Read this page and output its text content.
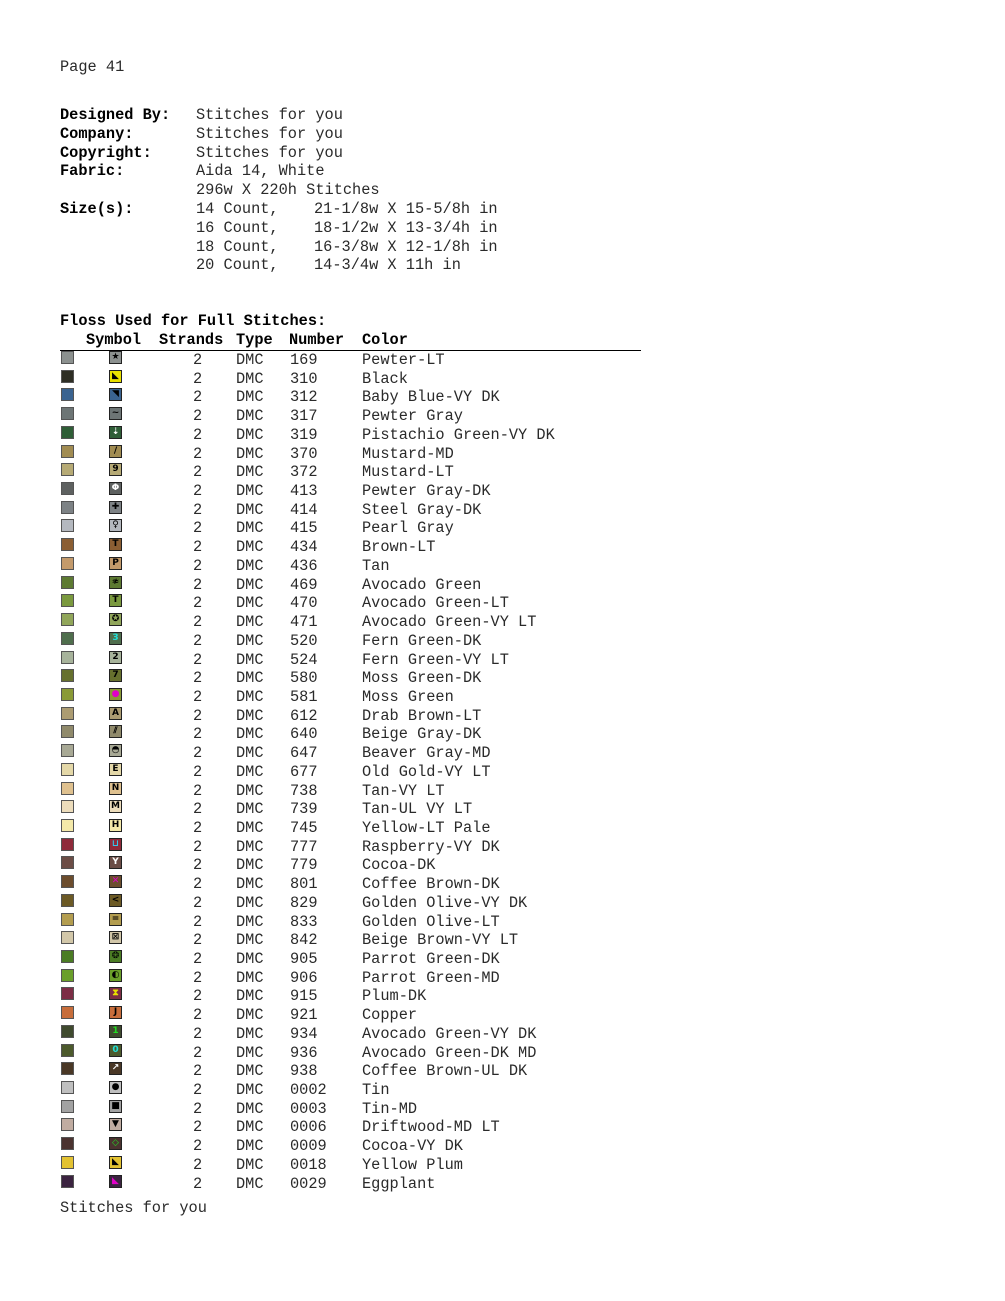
Page 41
Designed By:	Stitches for you
Company:	Stitches for you
Copyright:	Stitches for you
Fabric:	Aida 14, White
296w X 220h Stitches
Size(s):	14 Count,	21-1/8w X 15-5/8h in
16 Count,	18-1/2w X 13-3/4h in
18 Count,	16-3/8w X 12-1/8h in
20 Count,	14-3/4w X 11h in
Floss Used for Full Stitches:
Symbol Strands Type Number Color
★	2 DMC 169	Pewter-LT
◣	2 DMC 310	Black
◥	2 DMC 312	Baby Blue-VY DK
~	2 DMC 317	Pewter Gray
⇣	2 DMC 319	Pistachio Green-VY DK
/	2 DMC 370	Mustard-MD
9	2 DMC 372	Mustard-LT
Φ	2 DMC 413	Pewter Gray-DK
✚	2 DMC 414	Steel Gray-DK
♀	2 DMC 415	Pearl Gray
T	2 DMC 434	Brown-LT
P	2 DMC 436	Tan
≉	2 DMC 469	Avocado Green
T	2 DMC 470	Avocado Green-LT
✪	2 DMC 471	Avocado Green-VY LT
3	2 DMC 520	Fern Green-DK
2	2 DMC 524	Fern Green-VY LT
7	2 DMC 580	Moss Green-DK
●	2 DMC 581	Moss Green
A	2 DMC 612	Drab Brown-LT
⫽	2 DMC 640	Beige Gray-DK
◓	2 DMC 647	Beaver Gray-MD
E	2 DMC 677	Old Gold-VY LT
N	2 DMC 738	Tan-VY LT
M	2 DMC 739	Tan-UL VY LT
H	2 DMC 745	Yellow-LT Pale
⊔	2 DMC 777	Raspberry-VY DK
Y	2 DMC 779	Cocoa-DK
✕	2 DMC 801	Coffee Brown-DK
<	2 DMC 829	Golden Olive-VY DK
=	2 DMC 833	Golden Olive-LT
⊠	2 DMC 842	Beige Brown-VY LT
❂	2 DMC 905	Parrot Green-DK
◐	2 DMC 906	Parrot Green-MD
⧗	2 DMC 915	Plum-DK
J	2 DMC 921	Copper
1	2 DMC 934	Avocado Green-VY DK
0	2 DMC 936	Avocado Green-DK MD
↗	2 DMC 938	Coffee Brown-UL DK
●	2 DMC 0002 Tin
■	2 DMC 0003 Tin-MD
▼	2 DMC 0006 Driftwood-MD LT
◇	2 DMC 0009 Cocoa-VY DK
◣	2 DMC 0018 Yellow Plum
◣	2 DMC 0029 Eggplant
Stitches for you
